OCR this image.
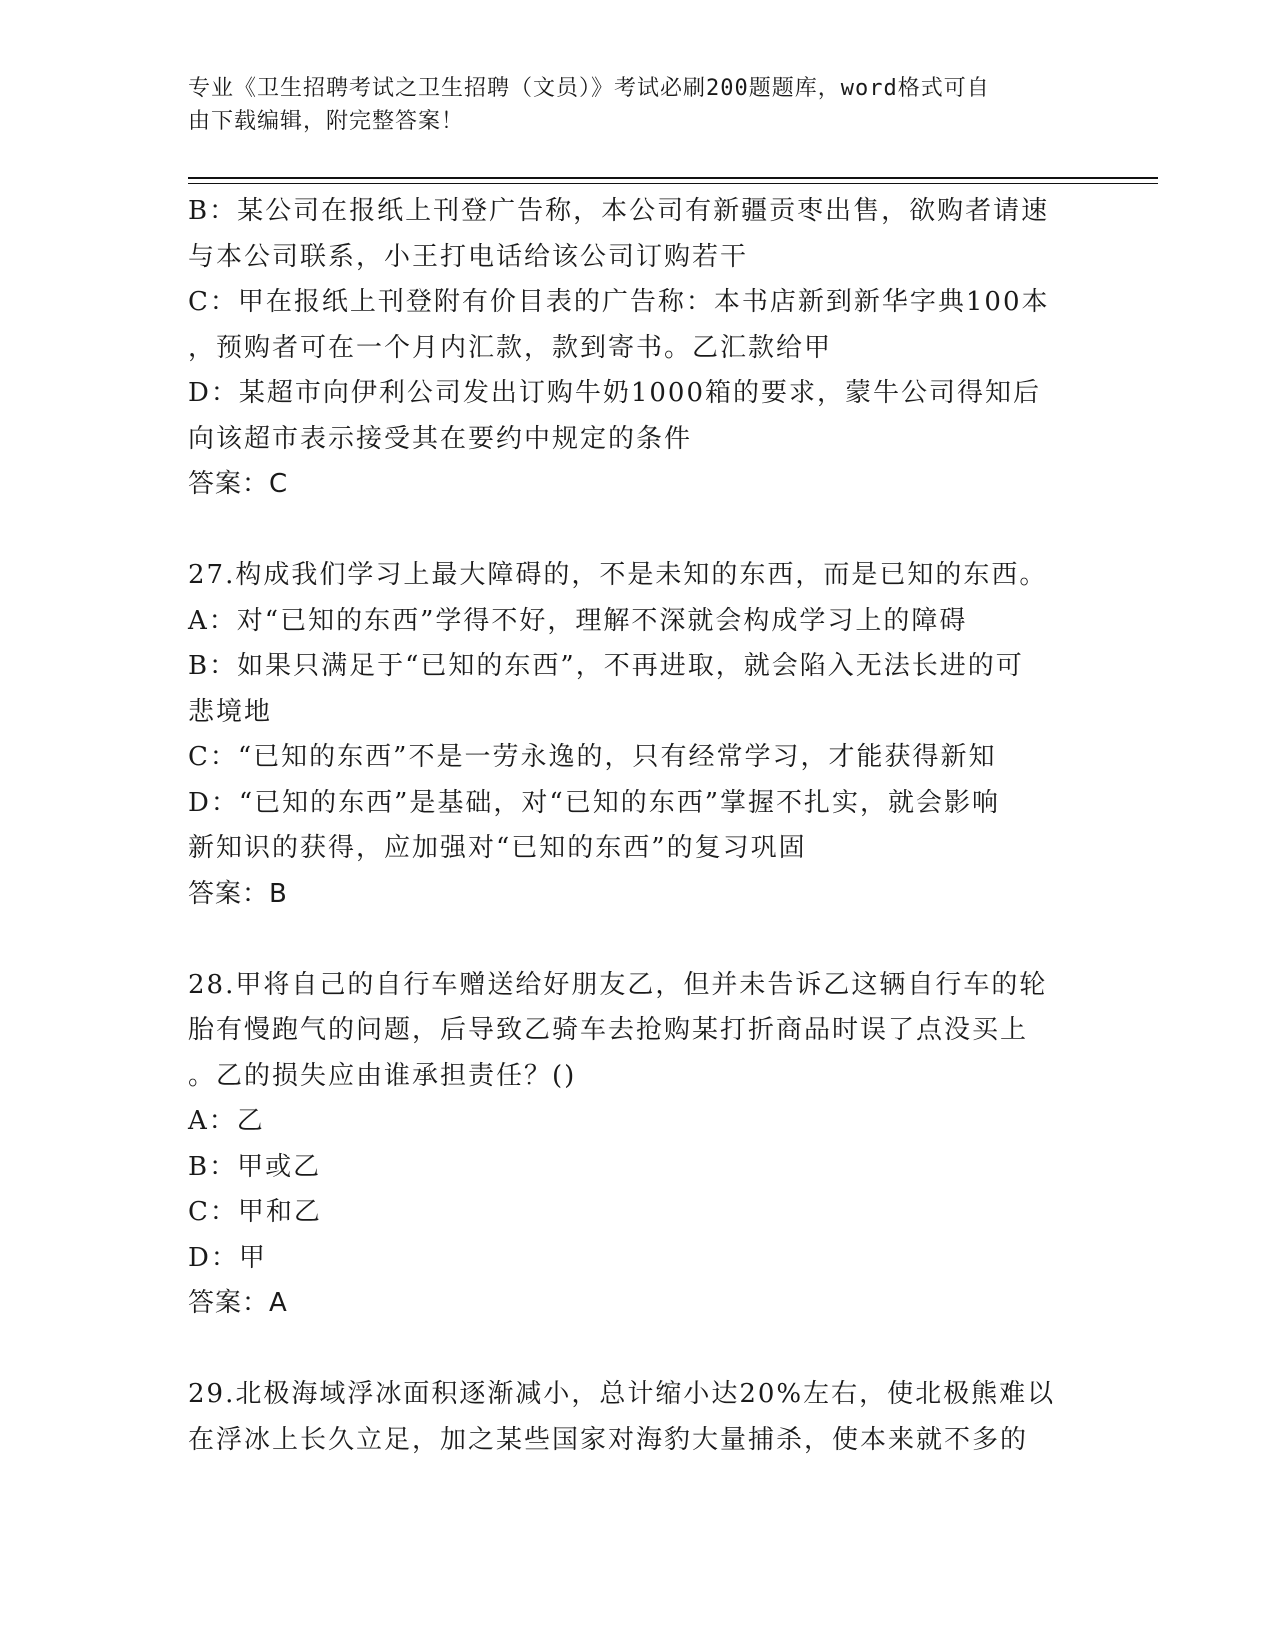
专业《卫生招聘考试之卫生招聘（文员）》考试必刷200题题库，word格式可自
由下载编辑，附完整答案！
B：某公司在报纸上刊登广告称，本公司有新疆贡枣出售，欲购者请速
与本公司联系，小王打电话给该公司订购若干
C：甲在报纸上刊登附有价目表的广告称：本书店新到新华字典100本
，预购者可在一个月内汇款，款到寄书。乙汇款给甲
D：某超市向伊利公司发出订购牛奶1000箱的要求，蒙牛公司得知后
向该超市表示接受其在要约中规定的条件
答案：C
27.构成我们学习上最大障碍的，不是未知的东西，而是已知的东西。
A：对“已知的东西”学得不好，理解不深就会构成学习上的障碍
B：如果只满足于“已知的东西”，不再进取，就会陷入无法长进的可
悲境地
C：“已知的东西”不是一劳永逸的，只有经常学习，才能获得新知
D：“已知的东西”是基础，对“已知的东西”掌握不扎实，就会影响
新知识的获得，应加强对“已知的东西”的复习巩固
答案：B
28.甲将自己的自行车赠送给好朋友乙，但并未告诉乙这辆自行车的轮
胎有慢跑气的问题，后导致乙骑车去抢购某打折商品时误了点没买上
。乙的损失应由谁承担责任？()
A：乙
B：甲或乙
C：甲和乙
D：甲
答案：A
29.北极海域浮冰面积逐渐减小，总计缩小达20%左右，使北极熊难以
在浮冰上长久立足，加之某些国家对海豹大量捕杀，使本来就不多的
